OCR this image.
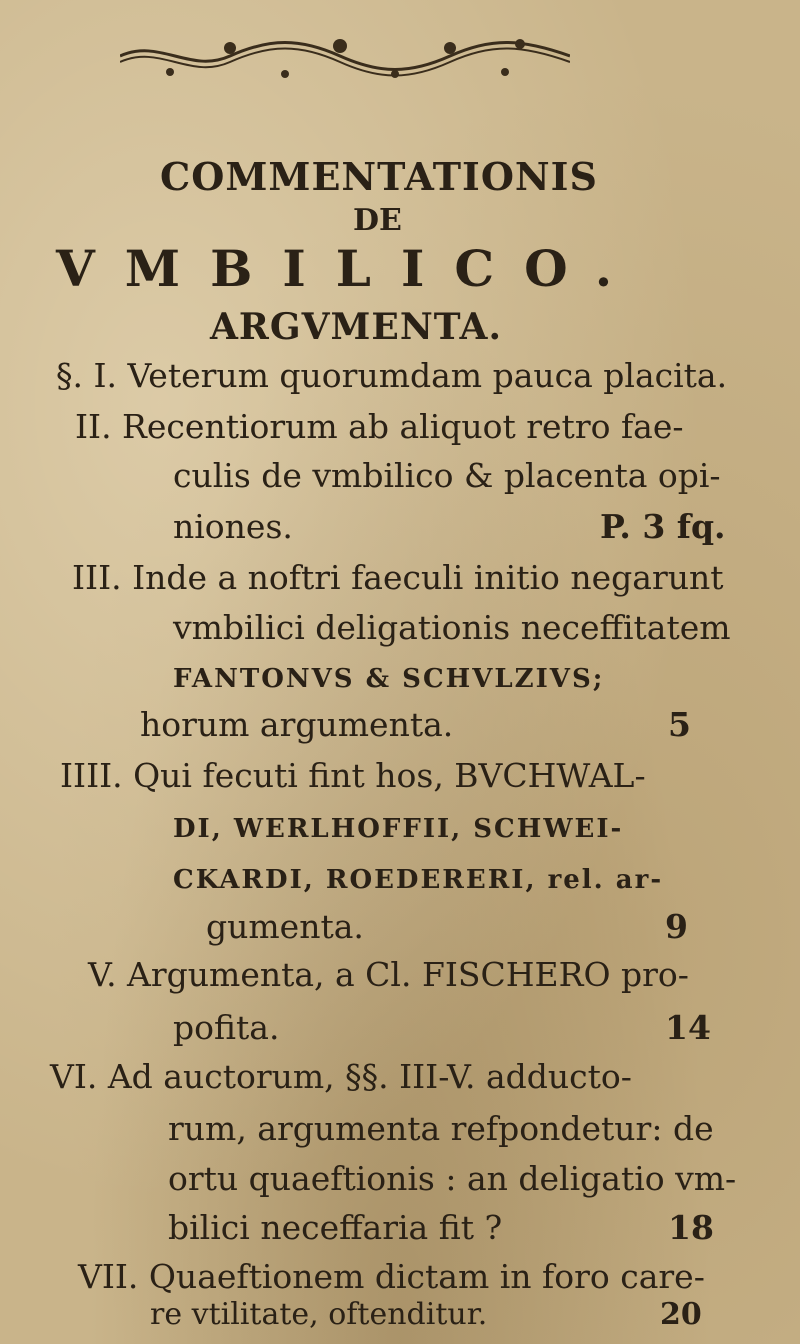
COMMENTATIONIS
DE
VMBILICO.
ARGVMENTA.
§. I. Veterum quorumdam pauca placita.
II. Recentiorum ab aliquot retro fae-
culis de vmbilico & placenta opi-
niones.	P. 3 fq.
III. Inde a noftri faeculi initio negarunt
vmbilici deligationis neceffitatem
FANTONVS & SCHVLZIVS;
horum argumenta.	5
IIII. Qui fecuti fint hos, BVCHWAL-
DI, WERLHOFFII, SCHWEI-
CKARDI, ROEDERERI, rel. ar-
gumenta.	9
V. Argumenta, a Cl. FISCHERO pro-
pofita.	14
VI. Ad auctorum, §§. III-V. adducto-
rum, argumenta refpondetur: de
ortu quaeftionis : an deligatio vm-
bilici neceffaria fit ?	18
VII. Quaeftionem dictam in foro care-
re vtilitate, oftenditur.	20
